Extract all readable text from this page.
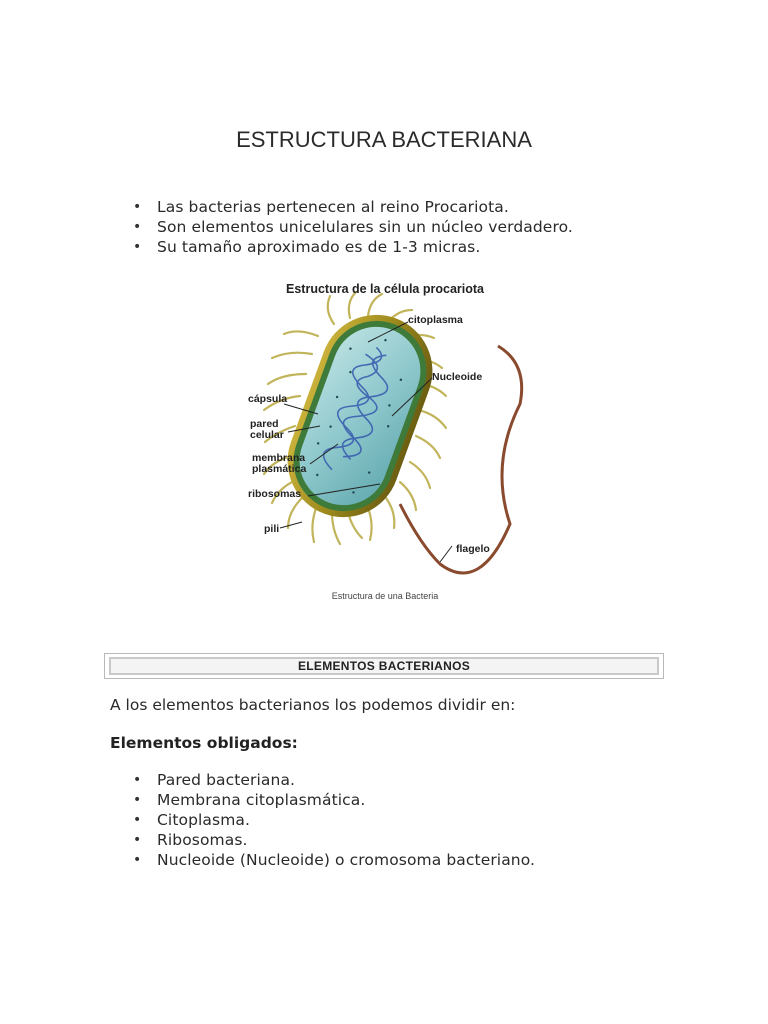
ESTRUCTURA BACTERIANA
• Las bacterias pertenecen al reino Procariota.
• Son elementos unicelulares sin un núcleo verdadero.
• Su tamaño aproximado es de 1-3 micras.
Estructura de la célula procariota
citoplasma
Nucleoide
cápsula
pared
celular
membrana
plasmática
ribosomas
pili
flagelo
Estructura de una Bacteria
ELEMENTOS BACTERIANOS

A los elementos bacterianos los podemos dividir en:

Elementos obligados:

• Pared bacteriana.
• Membrana citoplasmática.
• Citoplasma.
• Ribosomas.
• Nucleoide (Nucleoide) o cromosoma bacteriano.
